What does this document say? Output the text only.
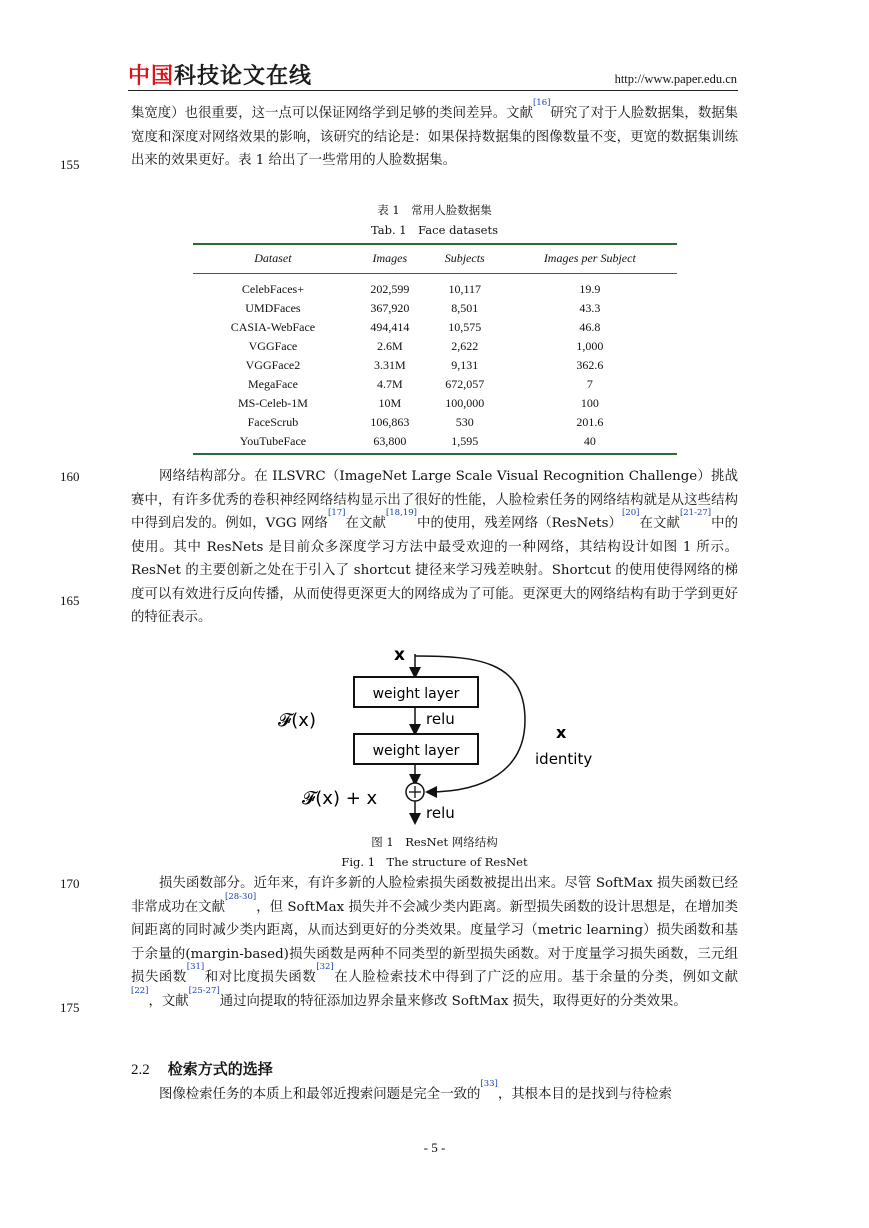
中国科技论文在线	http://www.paper.edu.cn
155
160
165
170
175

集宽度）也很重要，这一点可以保证网络学到足够的类间差异。文献[16]研究了对于人脸数据集，数据集宽度和深度对网络效果的影响，该研究的结论是：如果保持数据集的图像数量不变，更宽的数据集训练出来的效果更好。表 1 给出了一些常用的人脸数据集。

表 1　常用人脸数据集
Tab. 1　Face datasets
Dataset	Images	Subjects	Images per Subject
CelebFaces+	202,599	10,117	19.9
UMDFaces	367,920	8,501	43.3
CASIA-WebFace	494,414	10,575	46.8
VGGFace	2.6M	2,622	1,000
VGGFace2	3.31M	9,131	362.6
MegaFace	4.7M	672,057	7
MS-Celeb-1M	10M	100,000	100
FaceScrub	106,863	530	201.6
YouTubeFace	63,800	1,595	40

网络结构部分。在 ILSVRC（ImageNet Large Scale Visual Recognition Challenge）挑战赛中，有许多优秀的卷积神经网络结构显示出了很好的性能，人脸检索任务的网络结构就是从这些结构中得到启发的。例如，VGG 网络[17]在文献[18,19]中的使用，残差网络（ResNets）[20]在文献[21-27]中的使用。其中 ResNets 是目前众多深度学习方法中最受欢迎的一种网络，其结构设计如图 1 所示。ResNet 的主要创新之处在于引入了 shortcut 捷径来学习残差映射。Shortcut 的使用使得网络的梯度可以有效进行反向传播，从而使得更深更大的网络成为了可能。更深更大的网络结构有助于学到更好的特征表示。

x
weight layer
relu
weight layer
𝓕(x)
x
identity
relu
𝓕(x) + x
图 1　ResNet 网络结构
Fig. 1　The structure of ResNet

损失函数部分。近年来，有许多新的人脸检索损失函数被提出出来。尽管 SoftMax 损失函数已经非常成功在文献[28-30]，但 SoftMax 损失并不会减少类内距离。新型损失函数的设计思想是，在增加类间距离的同时减少类内距离，从而达到更好的分类效果。度量学习（metric learning）损失函数和基于余量的(margin-based)损失函数是两种不同类型的新型损失函数。对于度量学习损失函数，三元组损失函数[31]和对比度损失函数[32]在人脸检索技术中得到了广泛的应用。基于余量的分类，例如文献[22]，文献[25-27]通过向提取的特征添加边界余量来修改 SoftMax 损失，取得更好的分类效果。

2.2 检索方式的选择

图像检索任务的本质上和最邻近搜索问题是完全一致的[33]，其根本目的是找到与待检索

- 5 -
